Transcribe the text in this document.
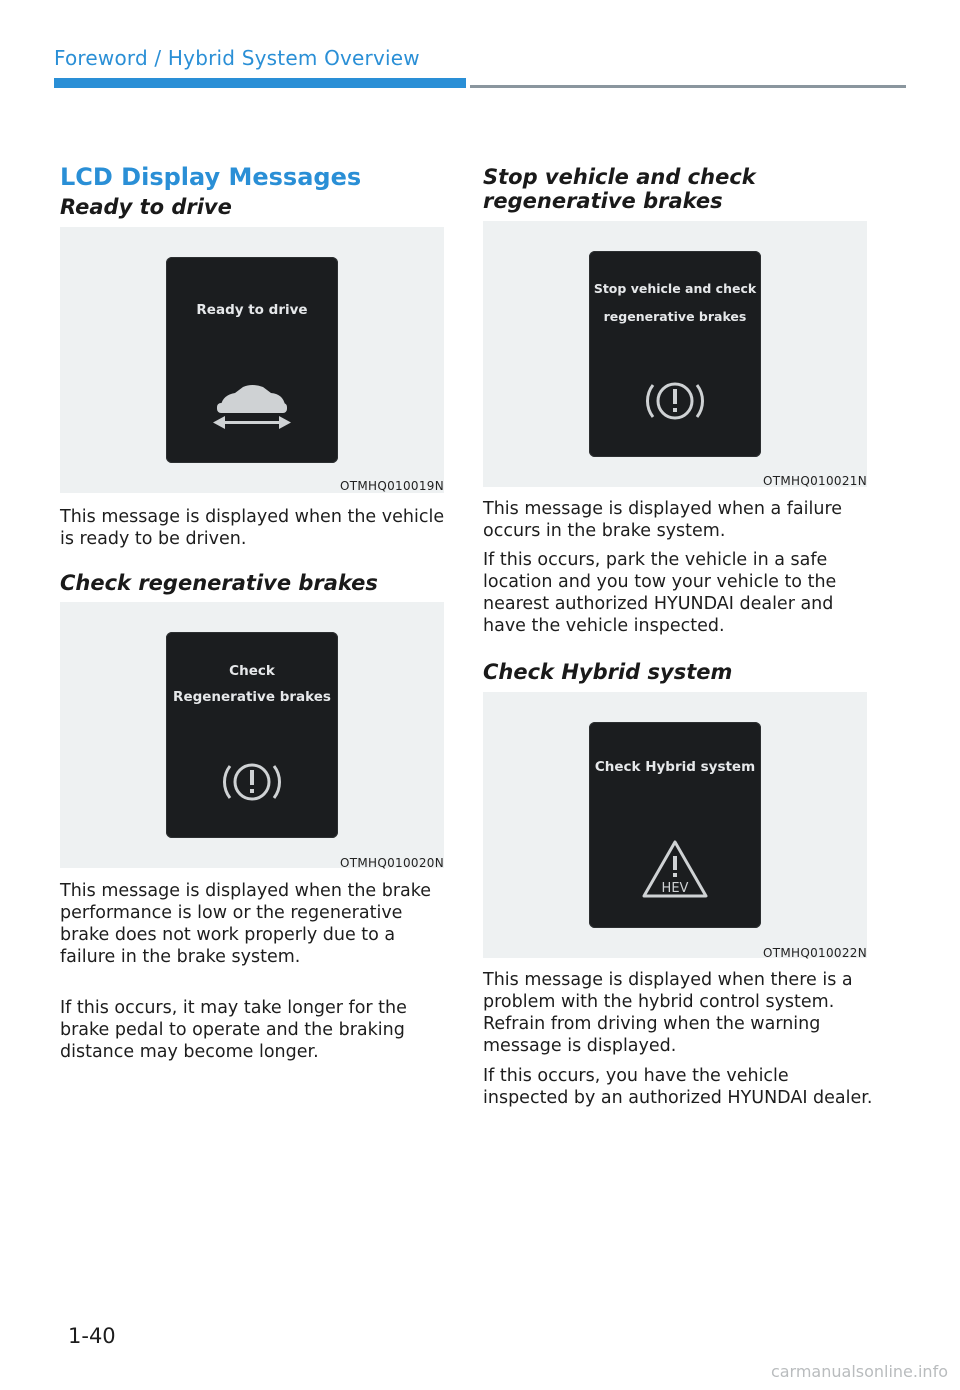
Foreword / Hybrid System Overview
LCD Display Messages
Ready to drive
Ready to drive
OTMHQ010019N

This message is displayed when the vehicle is ready to be driven.

Check regenerative brakes
Check
Regenerative brakes
OTMHQ010020N

This message is displayed when the brake performance is low or the regenerative brake does not work properly due to a failure in the brake system.

If this occurs, it may take longer for the brake pedal to operate and the braking distance may become longer.

Stop vehicle and check regenerative brakes
Stop vehicle and check
regenerative brakes
OTMHQ010021N

This message is displayed when a failure occurs in the brake system.

If this occurs, park the vehicle in a safe location and you tow your vehicle to the nearest authorized HYUNDAI dealer and have the vehicle inspected.

Check Hybrid system
Check Hybrid system
HEV
OTMHQ010022N

This message is displayed when there is a problem with the hybrid control system. Refrain from driving when the warning message is displayed.

If this occurs, you have the vehicle inspected by an authorized HYUNDAI dealer.

1-40
carmanualsonline.info
